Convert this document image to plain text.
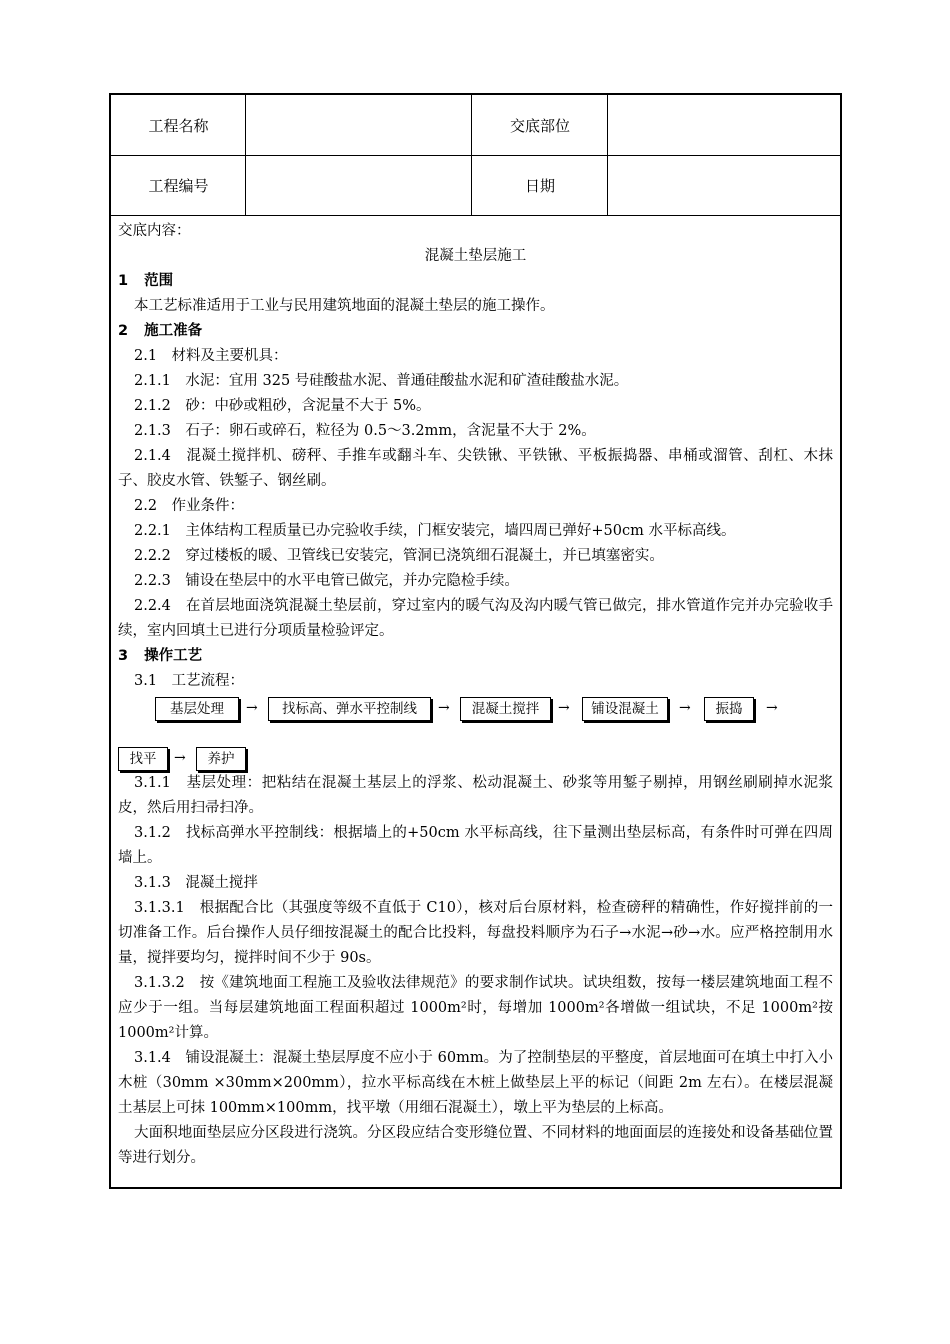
工程名称	交底部位
工程编号	日期
交底内容：
混凝土垫层施工
1 范围
本工艺标准适用于工业与民用建筑地面的混凝土垫层的施工操作。
2 施工准备
2.1　材料及主要机具：
2.1.1　水泥：宜用 325 号硅酸盐水泥、普通硅酸盐水泥和矿渣硅酸盐水泥。
2.1.2　砂：中砂或粗砂，含泥量不大于 5%。
2.1.3　石子：卵石或碎石，粒径为 0.5～3.2mm，含泥量不大于 2%。
2.1.4　混凝土搅拌机、磅秤、手推车或翻斗车、尖铁锹、平铁锹、平板振捣器、串桶或溜管、刮杠、木抹子、胶皮水管、铁錾子、钢丝刷。
2.2　作业条件：
2.2.1　主体结构工程质量已办完验收手续，门框安装完，墙四周已弹好+50cm 水平标高线。
2.2.2　穿过楼板的暖、卫管线已安装完，管洞已浇筑细石混凝土，并已填塞密实。
2.2.3　铺设在垫层中的水平电管已做完，并办完隐检手续。
2.2.4　在首层地面浇筑混凝土垫层前，穿过室内的暖气沟及沟内暖气管已做完，排水管道作完并办完验收手续，室内回填土已进行分项质量检验评定。
3 操作工艺
3.1　工艺流程：
基层处理	→	找标高、弹水平控制线	→	混凝土搅拌	→	铺设混凝土	→	振捣	→
找平	→	养护
3.1.1　基层处理：把粘结在混凝土基层上的浮浆、松动混凝土、砂浆等用錾子剔掉，用钢丝刷刷掉水泥浆皮，然后用扫帚扫净。
3.1.2　找标高弹水平控制线：根据墙上的+50cm 水平标高线，往下量测出垫层标高，有条件时可弹在四周墙上。
3.1.3　混凝土搅拌
3.1.3.1　根据配合比（其强度等级不直低于 C10），核对后台原材料，检查磅秤的精确性，作好搅拌前的一切准备工作。后台操作人员仔细按混凝土的配合比投料，每盘投料顺序为石子→水泥→砂→水。应严格控制用水量，搅拌要均匀，搅拌时间不少于 90s。
3.1.3.2　按《建筑地面工程施工及验收法律规范》的要求制作试块。试块组数，按每一楼层建筑地面工程不应少于一组。当每层建筑地面工程面积超过 1000m²时，每增加 1000m²各增做一组试块，不足 1000m²按 1000m²计算。
3.1.4　铺设混凝土：混凝土垫层厚度不应小于 60mm。为了控制垫层的平整度，首层地面可在填土中打入小木桩（30mm ×30mm×200mm），拉水平标高线在木桩上做垫层上平的标记（间距 2m 左右）。在楼层混凝土基层上可抹 100mm×100mm，找平墩（用细石混凝土），墩上平为垫层的上标高。
大面积地面垫层应分区段进行浇筑。分区段应结合变形缝位置、不同材料的地面面层的连接处和设备基础位置等进行划分。
